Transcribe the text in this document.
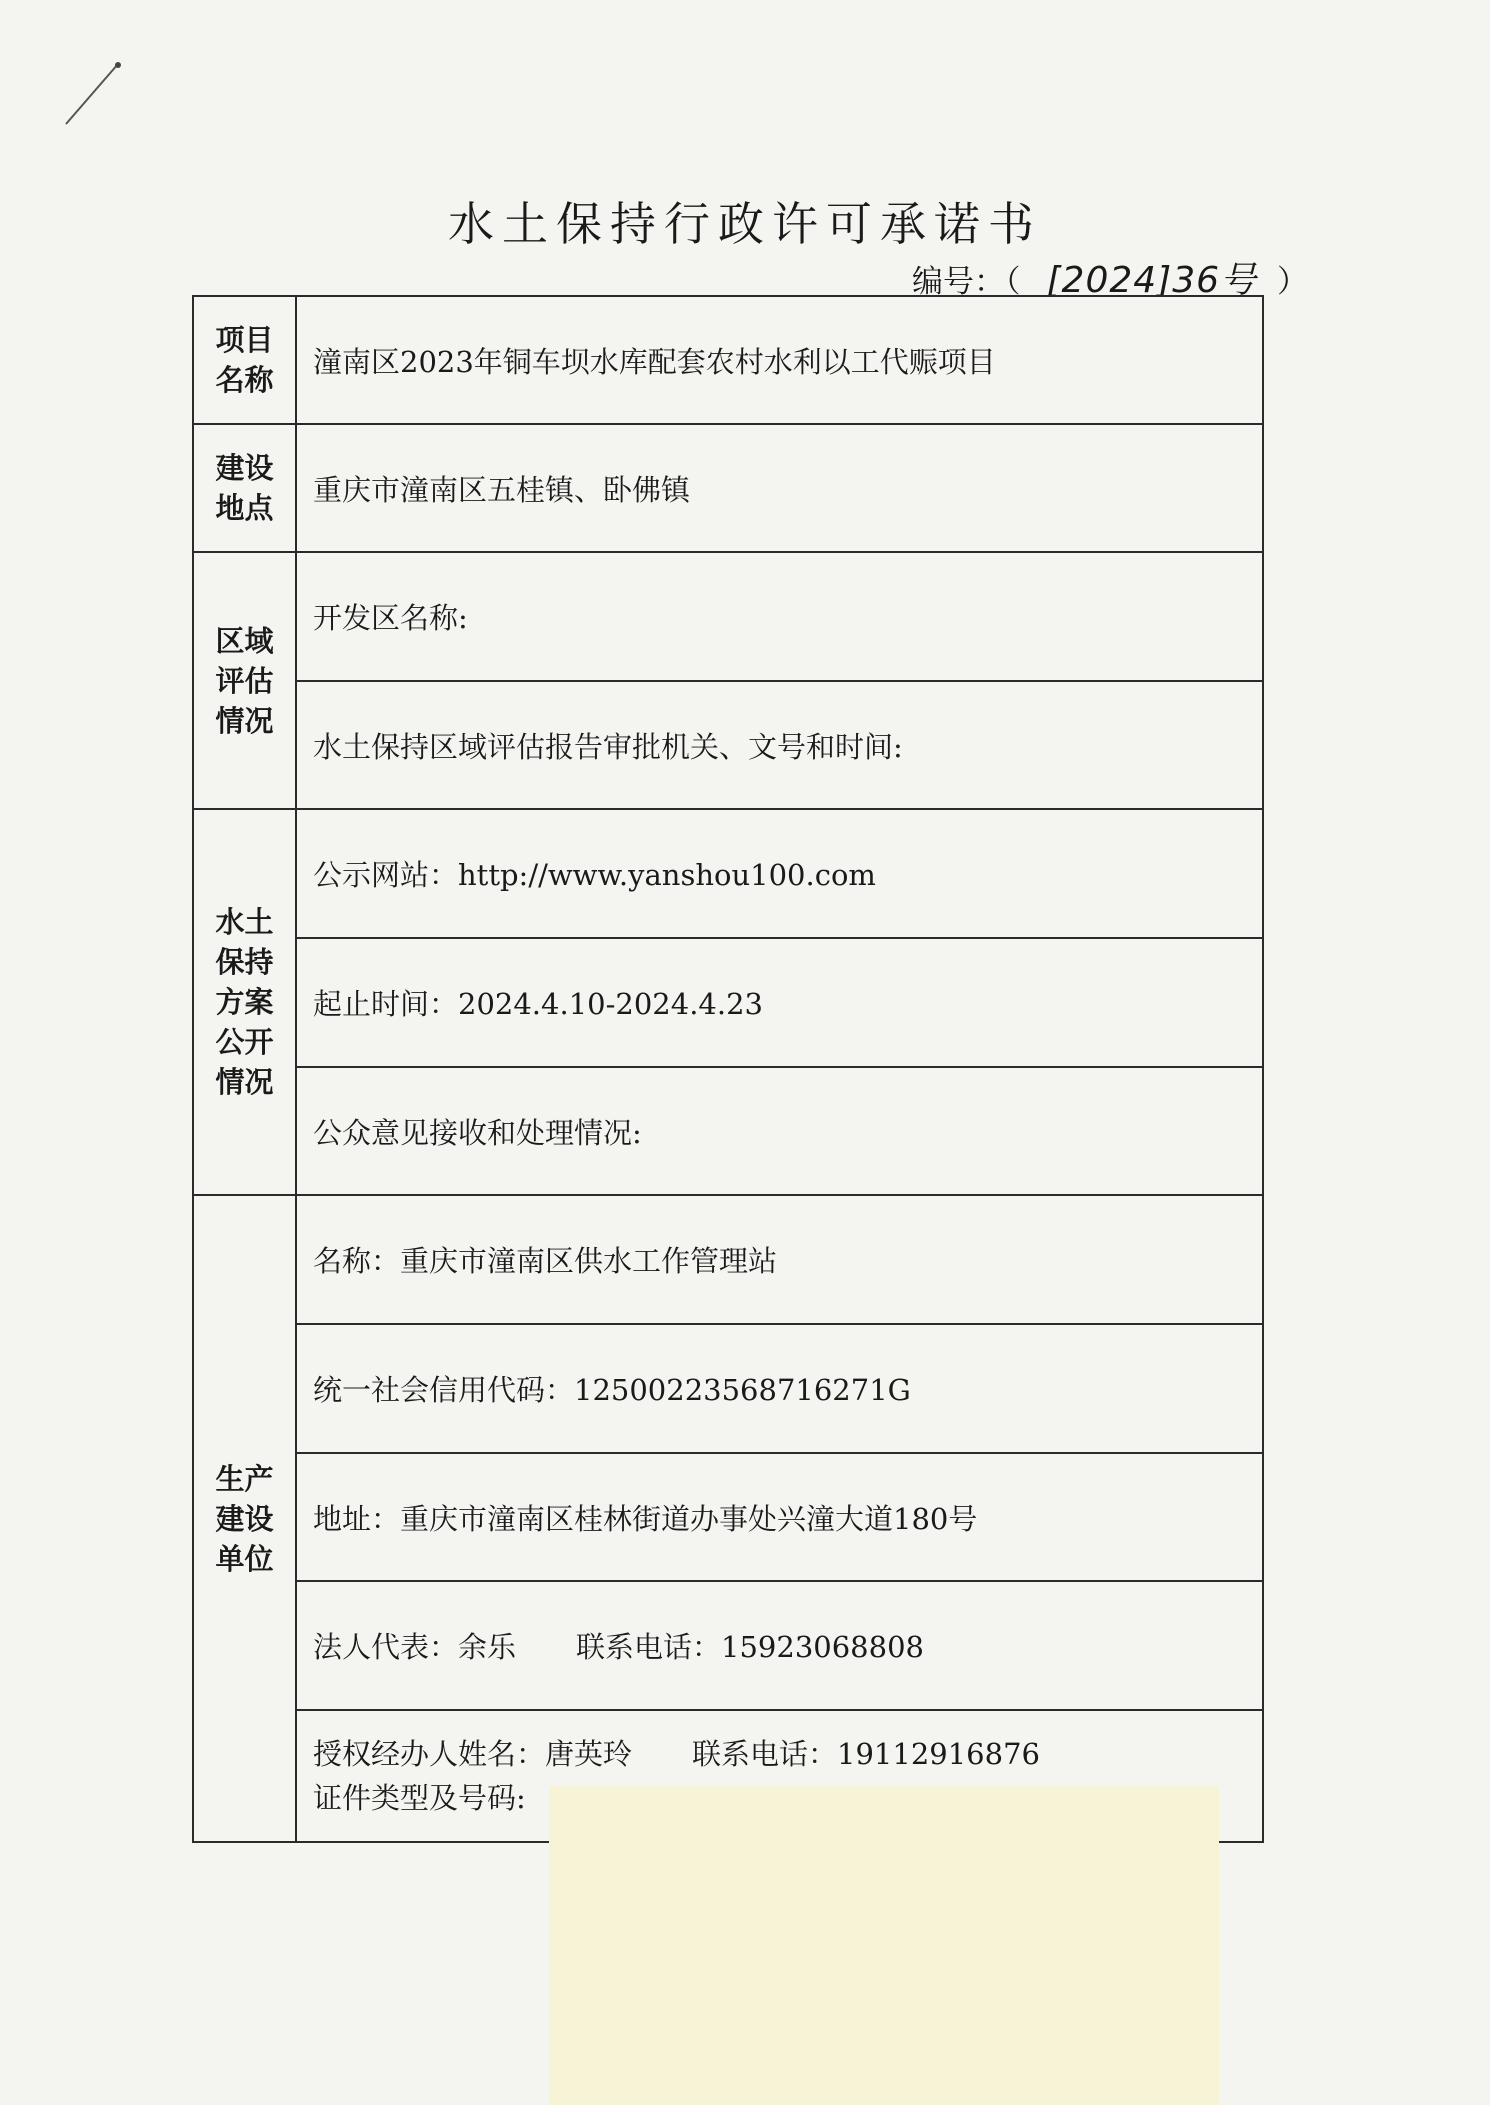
水土保持行政许可承诺书
编号：（ [2024]36号 ）
项目名称	潼南区2023年铜车坝水库配套农村水利以工代赈项目
建设地点	重庆市潼南区五桂镇、卧佛镇
区域评估情况	开发区名称:
	水土保持区域评估报告审批机关、文号和时间:
水土保持方案公开情况	公示网站：http://www.yanshou100.com
	起止时间：2024.4.10-2024.4.23
	公众意见接收和处理情况:
生产建设单位	名称：重庆市潼南区供水工作管理站
	统一社会信用代码：12500223568716271G
	地址：重庆市潼南区桂林街道办事处兴潼大道180号
	法人代表：余乐 联系电话：15923068808

	授权经办人姓名：唐英玲 联系电话：19112916876
证件类型及号码:
